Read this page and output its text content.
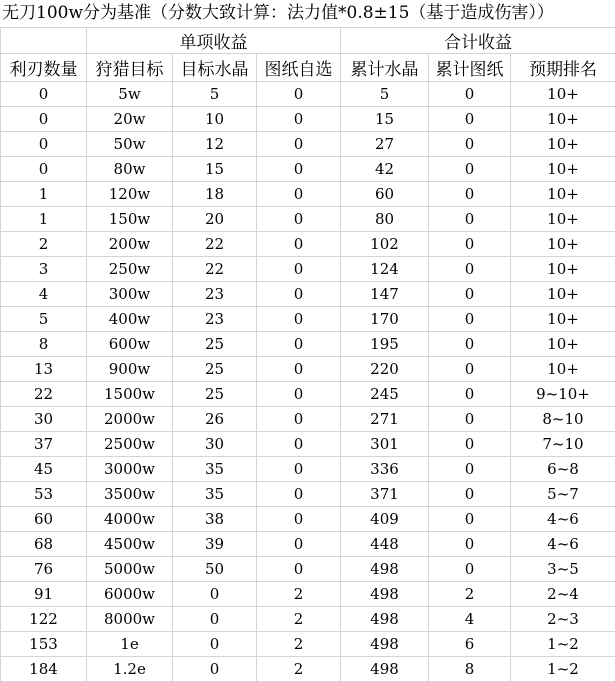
无刀100w分为基准（分数大致计算：法力值*0.8±15（基于造成伤害））
	单项收益			合计收益		
利刃数量	狩猎目标	目标水晶	图纸自选	累计水晶	累计图纸	预期排名
0	5w	5	0	5	0	10+
0	20w	10	0	15	0	10+
0	50w	12	0	27	0	10+
0	80w	15	0	42	0	10+
1	120w	18	0	60	0	10+
1	150w	20	0	80	0	10+
2	200w	22	0	102	0	10+
3	250w	22	0	124	0	10+
4	300w	23	0	147	0	10+
5	400w	23	0	170	0	10+
8	600w	25	0	195	0	10+
13	900w	25	0	220	0	10+
22	1500w	25	0	245	0	9~10+
30	2000w	26	0	271	0	8~10
37	2500w	30	0	301	0	7~10
45	3000w	35	0	336	0	6~8
53	3500w	35	0	371	0	5~7
60	4000w	38	0	409	0	4~6
68	4500w	39	0	448	0	4~6
76	5000w	50	0	498	0	3~5
91	6000w	0	2	498	2	2~4
122	8000w	0	2	498	4	2~3
153	1e	0	2	498	6	1~2
184	1.2e	0	2	498	8	1~2
